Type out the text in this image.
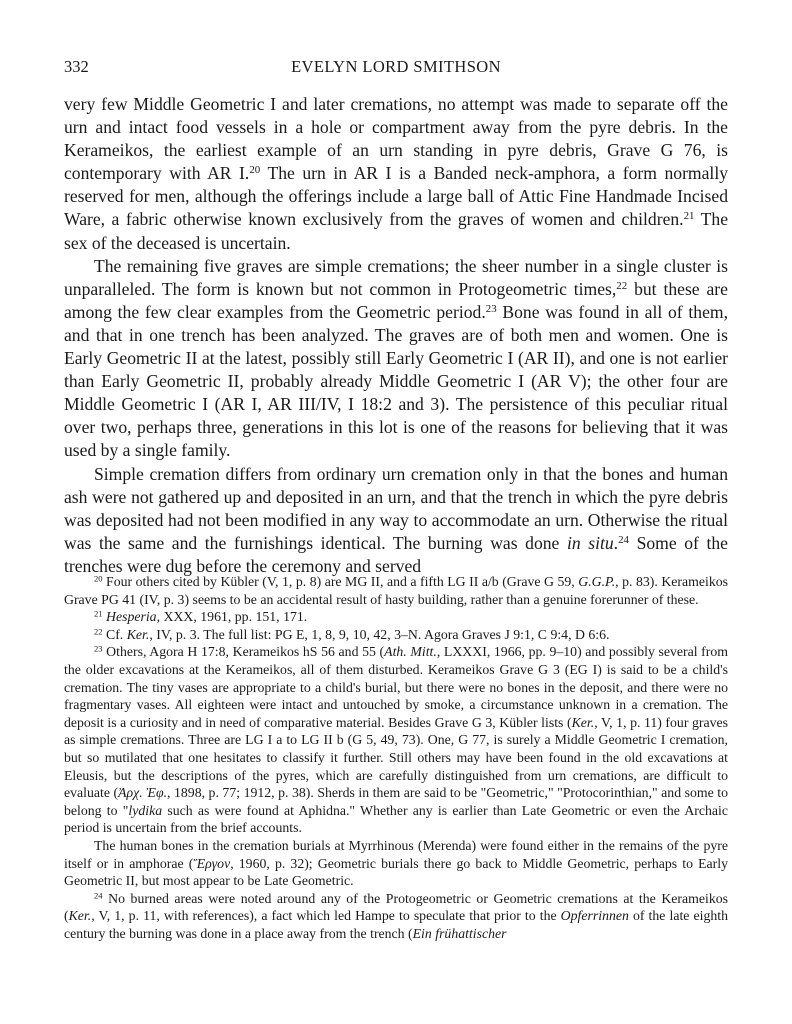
332	EVELYN LORD SMITHSON

very few Middle Geometric I and later cremations, no attempt was made to separate off the urn and intact food vessels in a hole or compartment away from the pyre debris. In the Kerameikos, the earliest example of an urn standing in pyre debris, Grave G 76, is contemporary with AR I.$^{20}$ The urn in AR I is a Banded neck-amphora, a form normally reserved for men, although the offerings include a large ball of Attic Fine Handmade Incised Ware, a fabric otherwise known exclusively from the graves of women and children.$^{21}$ The sex of the deceased is uncertain.

The remaining five graves are simple cremations; the sheer number in a single cluster is unparalleled. The form is known but not common in Protogeometric times,$^{22}$ but these are among the few clear examples from the Geometric period.$^{23}$ Bone was found in all of them, and that in one trench has been analyzed. The graves are of both men and women. One is Early Geometric II at the latest, possibly still Early Geometric I (AR II), and one is not earlier than Early Geometric II, probably already Middle Geometric I (AR V); the other four are Middle Geometric I (AR I, AR III/IV, I 18:2 and 3). The persistence of this peculiar ritual over two, perhaps three, generations in this lot is one of the reasons for believing that it was used by a single family.

Simple cremation differs from ordinary urn cremation only in that the bones and human ash were not gathered up and deposited in an urn, and that the trench in which the pyre debris was deposited had not been modified in any way to accommodate an urn. Otherwise the ritual was the same and the furnishings identical. The burning was done in situ.$^{24}$ Some of the trenches were dug before the ceremony and served

$^{20}$ Four others cited by Kübler (V, 1, p. 8) are MG II, and a fifth LG II a/b (Grave G 59, G.G.P., p. 83). Kerameikos Grave PG 41 (IV, p. 3) seems to be an accidental result of hasty building, rather than a genuine forerunner of these.

$^{21}$ Hesperia, XXX, 1961, pp. 151, 171.

$^{22}$ Cf. Ker., IV, p. 3. The full list: PG E, 1, 8, 9, 10, 42, 3–N. Agora Graves J 9:1, C 9:4, D 6:6.

$^{23}$ Others, Agora H 17:8, Kerameikos hS 56 and 55 (Ath. Mitt., LXXXI, 1966, pp. 9–10) and possibly several from the older excavations at the Kerameikos, all of them disturbed. Kerameikos Grave G 3 (EG I) is said to be a child's cremation. The tiny vases are appropriate to a child's burial, but there were no bones in the deposit, and there were no fragmentary vases. All eighteen were intact and untouched by smoke, a circumstance unknown in a cremation. The deposit is a curiosity and in need of comparative material. Besides Grave G 3, Kübler lists (Ker., V, 1, p. 11) four graves as simple cremations. Three are LG I a to LG II b (G 5, 49, 73). One, G 77, is surely a Middle Geometric I cremation, but so mutilated that one hesitates to classify it further. Still others may have been found in the old excavations at Eleusis, but the descriptions of the pyres, which are carefully distinguished from urn cremations, are difficult to evaluate (Ἀρχ. Ἐφ., 1898, p. 77; 1912, p. 38). Sherds in them are said to be "Geometric," "Protocorinthian," and some to belong to "lydika such as were found at Aphidna." Whether any is earlier than Late Geometric or even the Archaic period is uncertain from the brief accounts.

The human bones in the cremation burials at Myrrhinous (Merenda) were found either in the remains of the pyre itself or in amphorae (Ἔργον, 1960, p. 32); Geometric burials there go back to Middle Geometric, perhaps to Early Geometric II, but most appear to be Late Geometric.

$^{24}$ No burned areas were noted around any of the Protogeometric or Geometric cremations at the Kerameikos (Ker., V, 1, p. 11, with references), a fact which led Hampe to speculate that prior to the Opferrinnen of the late eighth century the burning was done in a place away from the trench (Ein frühattischer
